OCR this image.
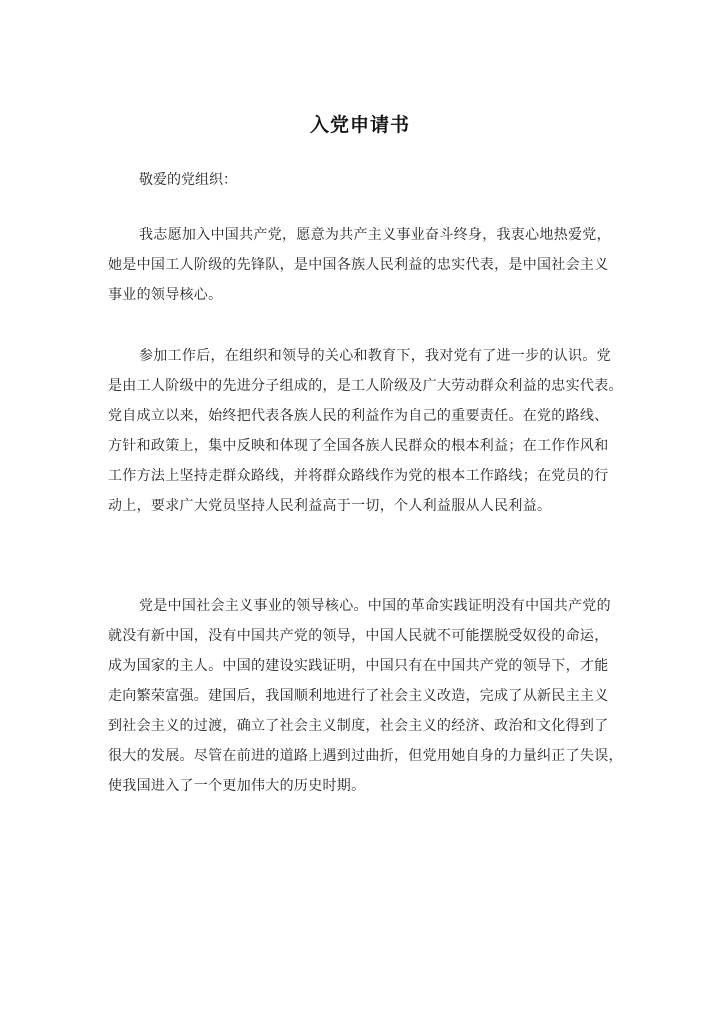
入党申请书
敬爱的党组织：
我志愿加入中国共产党，愿意为共产主义事业奋斗终身，我衷心地热爱党，
她是中国工人阶级的先锋队，是中国各族人民利益的忠实代表，是中国社会主义
事业的领导核心。
参加工作后，在组织和领导的关心和教育下，我对党有了进一步的认识。党
是由工人阶级中的先进分子组成的，是工人阶级及广大劳动群众利益的忠实代表。
党自成立以来，始终把代表各族人民的利益作为自己的重要责任。在党的路线、
方针和政策上，集中反映和体现了全国各族人民群众的根本利益；在工作作风和
工作方法上坚持走群众路线，并将群众路线作为党的根本工作路线；在党员的行
动上，要求广大党员坚持人民利益高于一切，个人利益服从人民利益。
党是中国社会主义事业的领导核心。中国的革命实践证明没有中国共产党的
就没有新中国，没有中国共产党的领导，中国人民就不可能摆脱受奴役的命运，
成为国家的主人。中国的建设实践证明，中国只有在中国共产党的领导下，才能
走向繁荣富强。建国后，我国顺利地进行了社会主义改造，完成了从新民主主义
到社会主义的过渡，确立了社会主义制度，社会主义的经济、政治和文化得到了
很大的发展。尽管在前进的道路上遇到过曲折，但党用她自身的力量纠正了失误，
使我国进入了一个更加伟大的历史时期。
